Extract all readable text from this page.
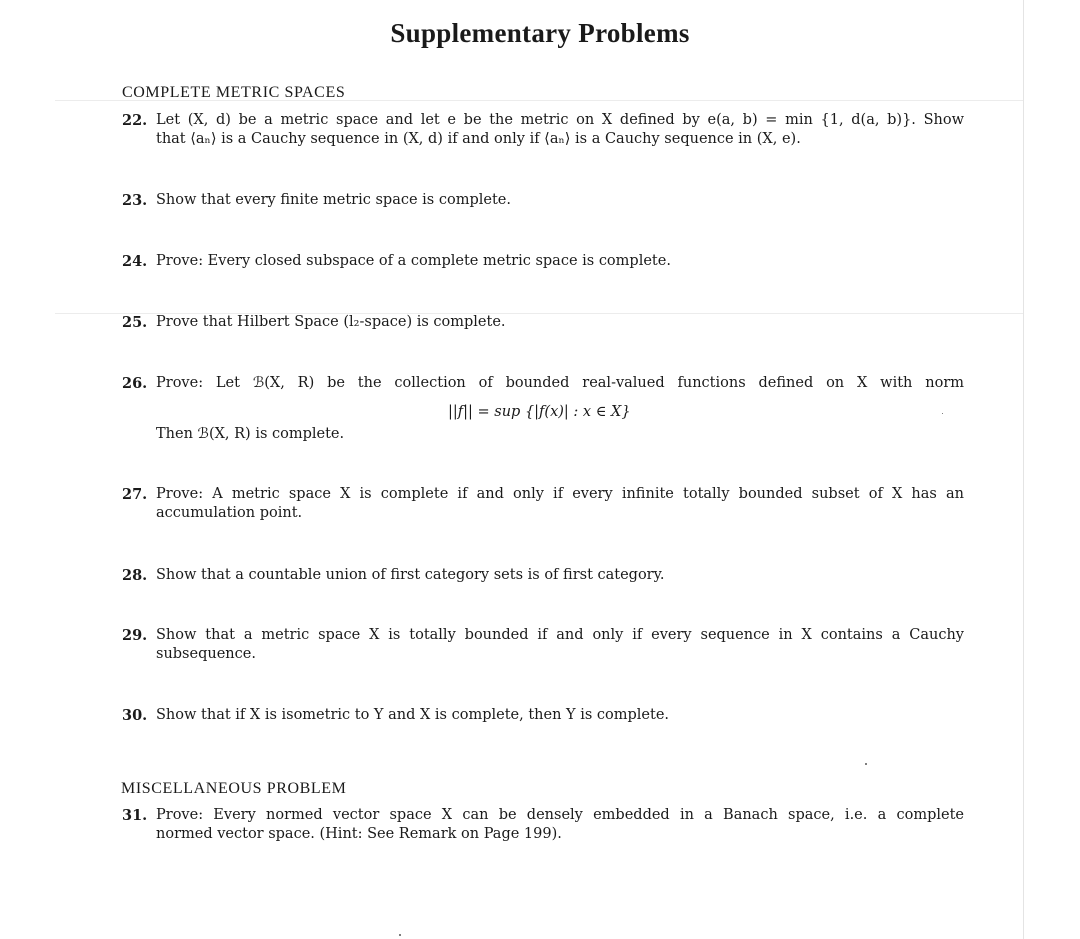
Supplementary Problems
COMPLETE METRIC SPACES
22. Let (X, d) be a metric space and let e be the metric on X defined by e(a, b) = min {1, d(a, b)}. Show
that ⟨aₙ⟩ is a Cauchy sequence in (X, d) if and only if ⟨aₙ⟩ is a Cauchy sequence in (X, e).
23. Show that every finite metric space is complete.
24. Prove: Every closed subspace of a complete metric space is complete.
25. Prove that Hilbert Space (l₂-space) is complete.
26. Prove: Let ℬ(X, R) be the collection of bounded real-valued functions defined on X with norm
Then ℬ(X, R) is complete.
||f|| = sup {|f(x)| : x ∈ X}
27. Prove: A metric space X is complete if and only if every infinite totally bounded subset of X has an
accumulation point.
28. Show that a countable union of first category sets is of first category.
29. Show that a metric space X is totally bounded if and only if every sequence in X contains a Cauchy
subsequence.
30. Show that if X is isometric to Y and X is complete, then Y is complete.
MISCELLANEOUS PROBLEM
31. Prove: Every normed vector space X can be densely embedded in a Banach space, i.e. a complete
normed vector space. (Hint: See Remark on Page 199).
